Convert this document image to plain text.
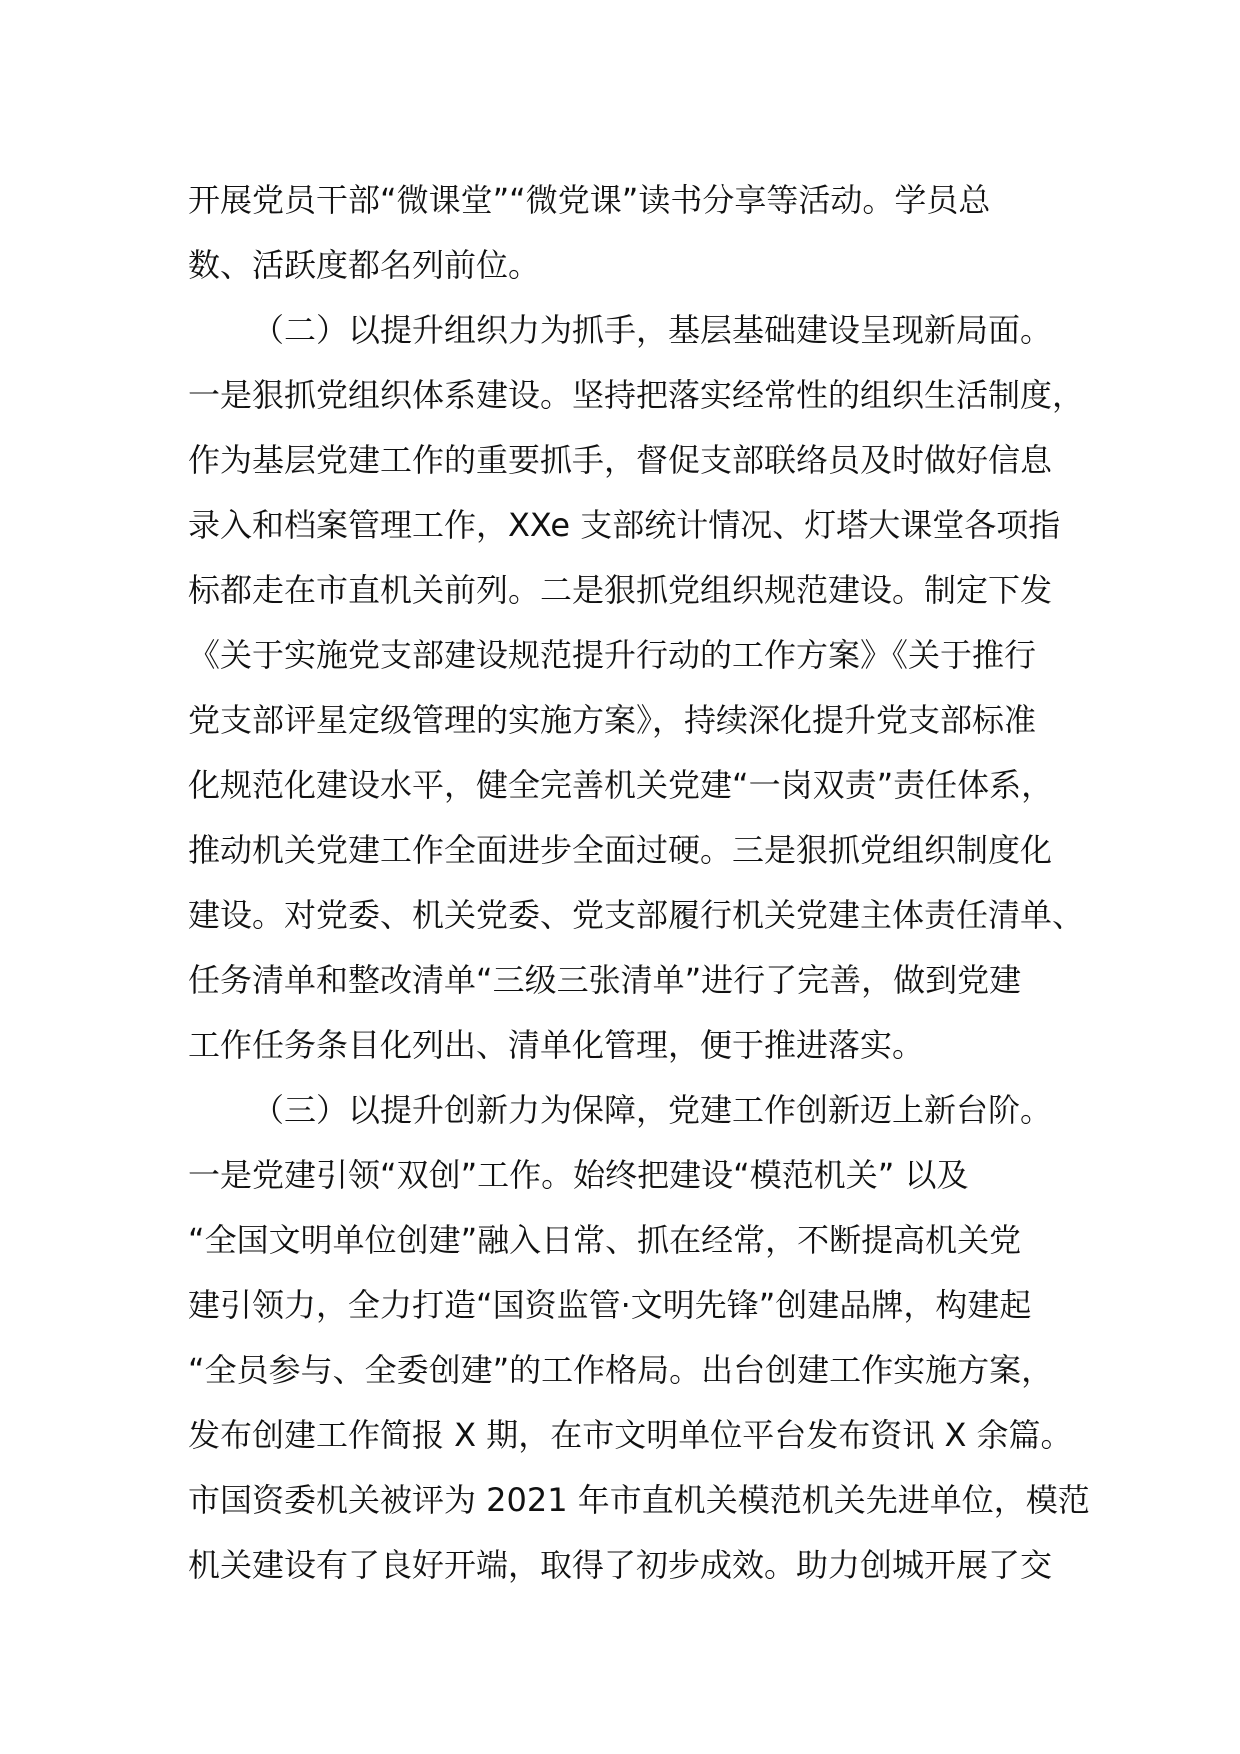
开展党员干部“微课堂”“微党课”读书分享等活动。学员总
数、活跃度都名列前位。
（二）以提升组织力为抓手，基层基础建设呈现新局面。
一是狠抓党组织体系建设。坚持把落实经常性的组织生活制度，
作为基层党建工作的重要抓手，督促支部联络员及时做好信息
录入和档案管理工作，XXe 支部统计情况、灯塔大课堂各项指
标都走在市直机关前列。二是狠抓党组织规范建设。制定下发
《关于实施党支部建设规范提升行动的工作方案》《关于推行
党支部评星定级管理的实施方案》，持续深化提升党支部标准
化规范化建设水平，健全完善机关党建“一岗双责”责任体系，
推动机关党建工作全面进步全面过硬。三是狠抓党组织制度化
建设。对党委、机关党委、党支部履行机关党建主体责任清单、
任务清单和整改清单“三级三张清单”进行了完善，做到党建
工作任务条目化列出、清单化管理，便于推进落实。
（三）以提升创新力为保障，党建工作创新迈上新台阶。
一是党建引领“双创”工作。始终把建设“模范机关” 以及
“全国文明单位创建”融入日常、抓在经常，不断提高机关党
建引领力，全力打造“国资监管·文明先锋”创建品牌，构建起
“全员参与、全委创建”的工作格局。出台创建工作实施方案，
发布创建工作简报 X 期，在市文明单位平台发布资讯 X 余篇。
市国资委机关被评为 2021 年市直机关模范机关先进单位，模范
机关建设有了良好开端，取得了初步成效。助力创城开展了交
